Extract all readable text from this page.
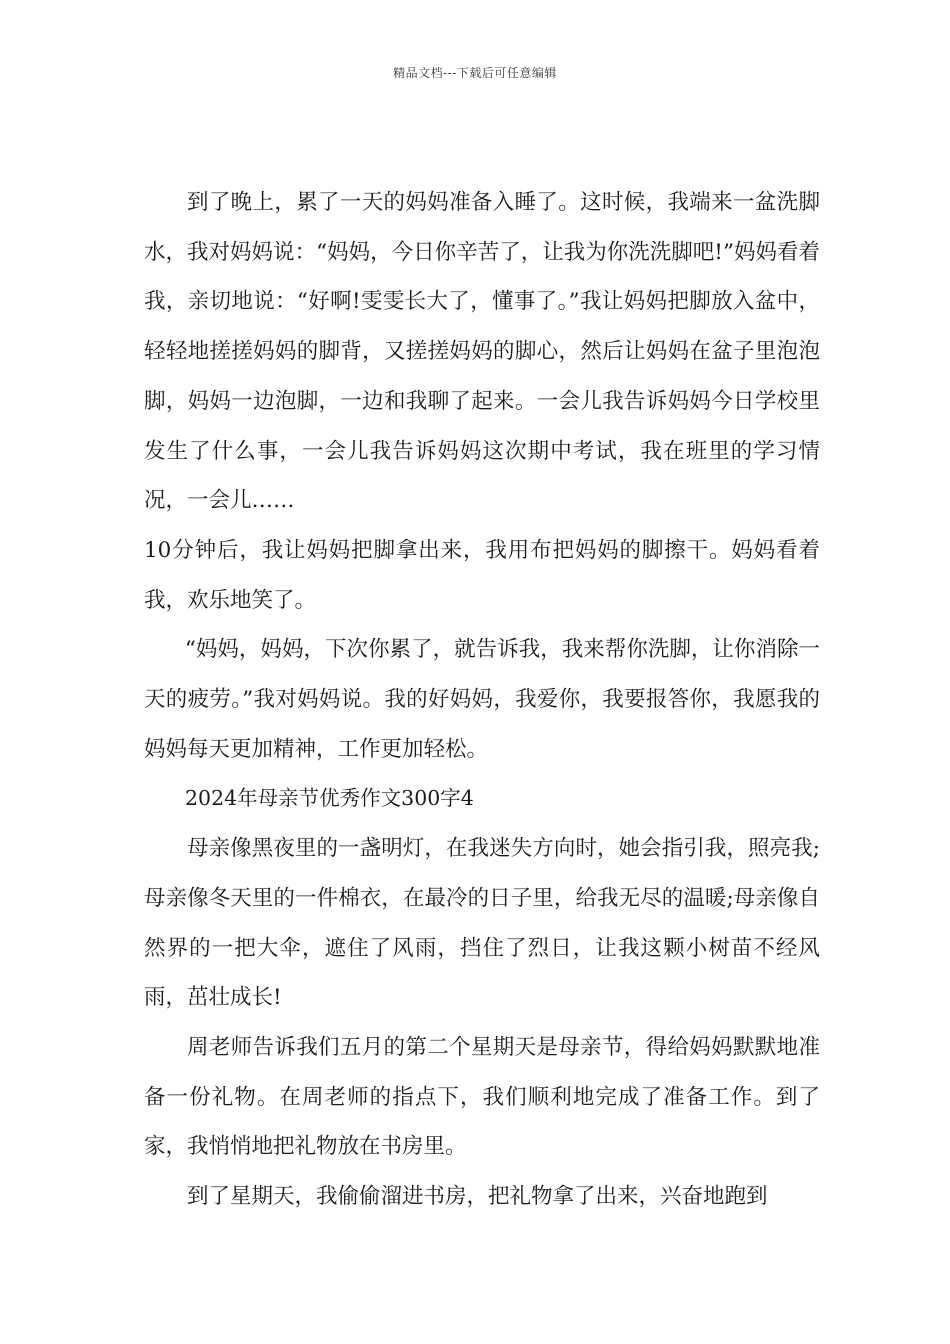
精品文档---下载后可任意编辑

到了晚上，累了一天的妈妈准备入睡了。这时候，我端来一盆洗脚水，我对妈妈说：“妈妈，今日你辛苦了，让我为你洗洗脚吧!”妈妈看着我，亲切地说：“好啊!雯雯长大了，懂事了。”我让妈妈把脚放入盆中，轻轻地搓搓妈妈的脚背，又搓搓妈妈的脚心，然后让妈妈在盆子里泡泡脚，妈妈一边泡脚，一边和我聊了起来。一会儿我告诉妈妈今日学校里发生了什么事，一会儿我告诉妈妈这次期中考试，我在班里的学习情况，一会儿……

10分钟后，我让妈妈把脚拿出来，我用布把妈妈的脚擦干。妈妈看着我，欢乐地笑了。

“妈妈，妈妈，下次你累了，就告诉我，我来帮你洗脚，让你消除一天的疲劳。”我对妈妈说。我的好妈妈，我爱你，我要报答你，我愿我的妈妈每天更加精神，工作更加轻松。

2024年母亲节优秀作文300字4

母亲像黑夜里的一盏明灯，在我迷失方向时，她会指引我，照亮我;母亲像冬天里的一件棉衣，在最冷的日子里，给我无尽的温暖;母亲像自然界的一把大伞，遮住了风雨，挡住了烈日，让我这颗小树苗不经风雨，茁壮成长!

周老师告诉我们五月的第二个星期天是母亲节，得给妈妈默默地准备一份礼物。在周老师的指点下，我们顺利地完成了准备工作。到了家，我悄悄地把礼物放在书房里。

到了星期天，我偷偷溜进书房，把礼物拿了出来，兴奋地跑到
